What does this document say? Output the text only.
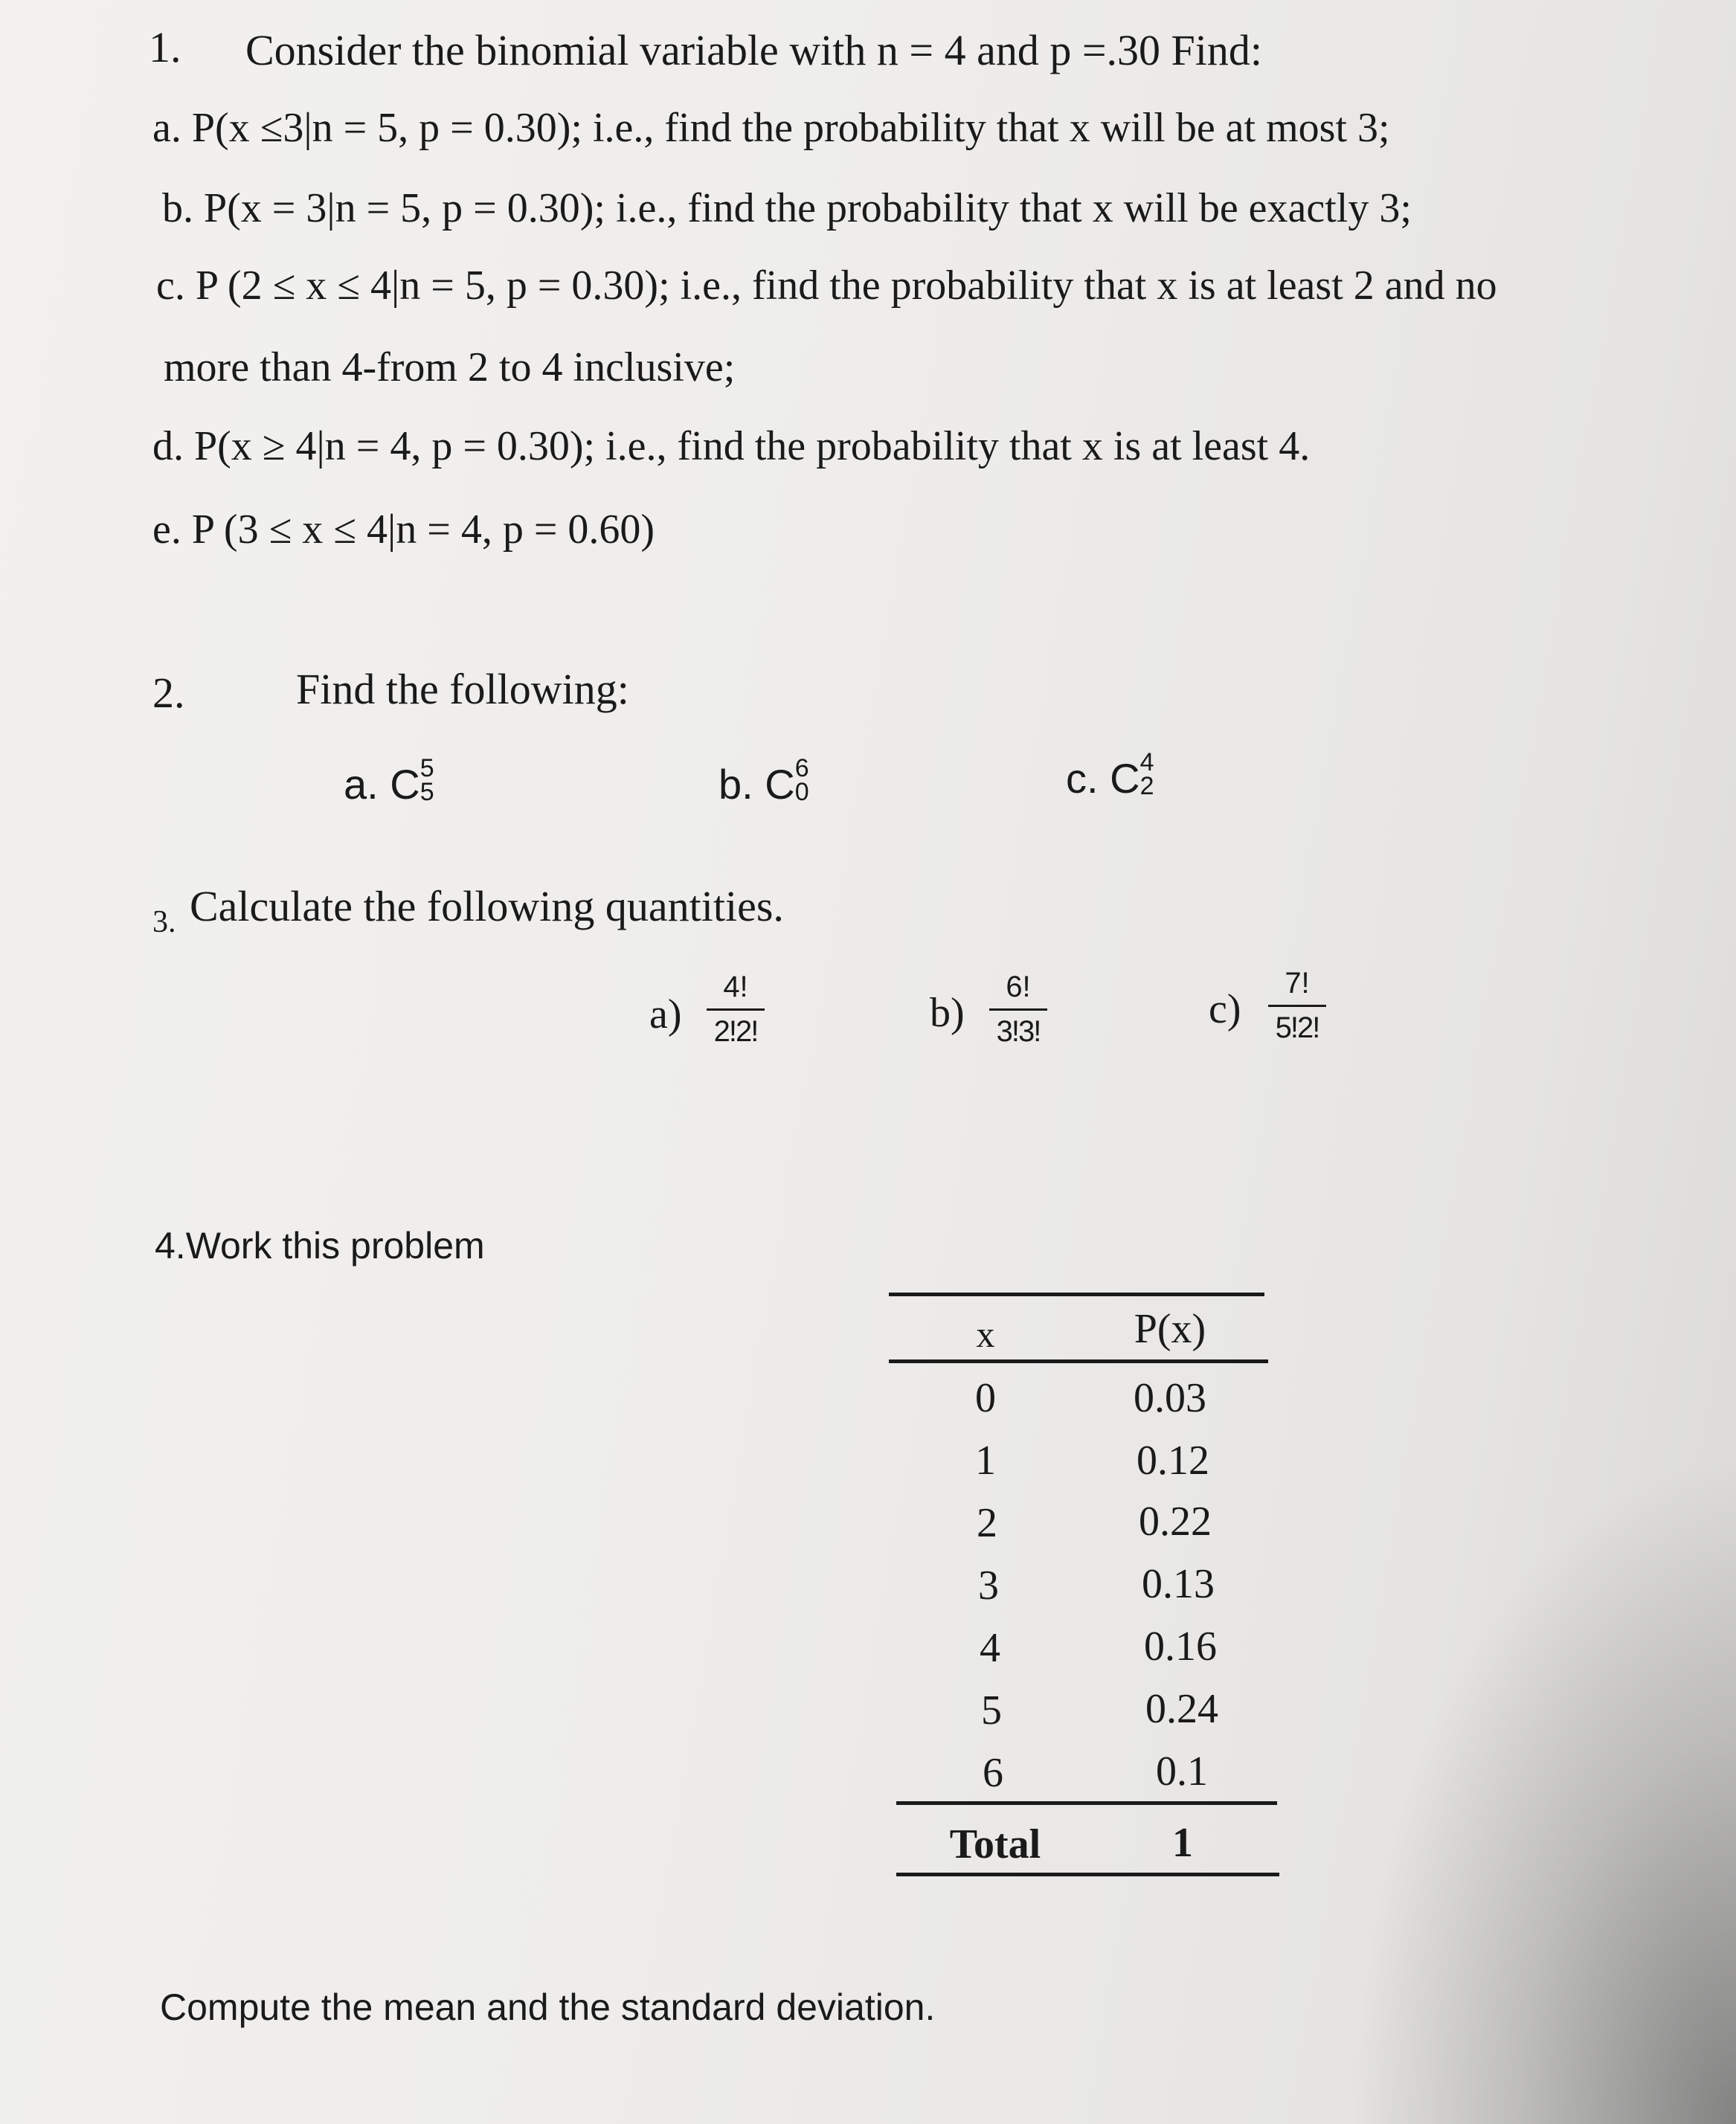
1. Consider the binomial variable with n = 4 and p =.30 Find:
a. P(x ≤3|n = 5, p = 0.30); i.e., find the probability that x will be at most 3;
b. P(x = 3|n = 5, p = 0.30); i.e., find the probability that x will be exactly 3;
c. P (2 ≤ x ≤ 4|n = 5, p = 0.30); i.e., find the probability that x is at least 2 and no
more than 4-from 2 to 4 inclusive;
d. P(x ≥ 4|n = 4, p = 0.30); i.e., find the probability that x is at least 4.
e. P (3 ≤ x ≤ 4|n = 4, p = 0.60)
2.	Find the following:
a. C 5
5	b. C 6
0	c. C 4
2
3. Calculate the following quantities.
a)
4!
2!2!	b)
6!
3!3!	c)
7!
5!2!
4.Work this problem
x	P(x)
0	0.03
1	0.12
2	0.22
3	0.13
4	0.16
5	0.24
6	0.1
Total	1
Compute the mean and the standard deviation.
